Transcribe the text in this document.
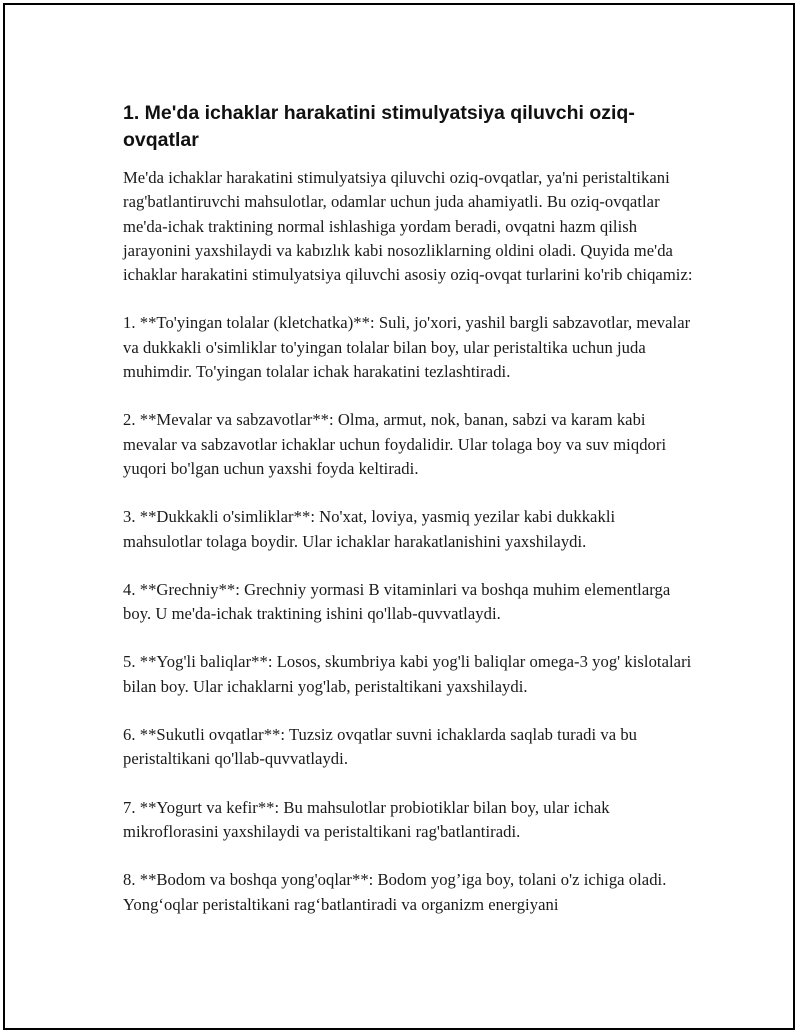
1. Me'da ichaklar harakatini stimulyatsiya qiluvchi oziq-ovqatlar

Me'da ichaklar harakatini stimulyatsiya qiluvchi oziq-ovqatlar, ya'ni peristaltikani rag'batlantiruvchi mahsulotlar, odamlar uchun juda ahamiyatli. Bu oziq-ovqatlar me'da-ichak traktining normal ishlashiga yordam beradi, ovqatni hazm qilish jarayonini yaxshilaydi va kabızlık kabi nosozliklarning oldini oladi. Quyida me'da ichaklar harakatini stimulyatsiya qiluvchi asosiy oziq-ovqat turlarini ko'rib chiqamiz:

1. **To'yingan tolalar (kletchatka)**: Suli, jo'xori, yashil bargli sabzavotlar, mevalar va dukkakli o'simliklar to'yingan tolalar bilan boy, ular peristaltika uchun juda muhimdir. To'yingan tolalar ichak harakatini tezlashtiradi.

2. **Mevalar va sabzavotlar**: Olma, armut, nok, banan, sabzi va karam kabi mevalar va sabzavotlar ichaklar uchun foydalidir. Ular tolaga boy va suv miqdori yuqori bo'lgan uchun yaxshi foyda keltiradi.

3. **Dukkakli o'simliklar**: No'xat, loviya, yasmiq yezilar kabi dukkakli mahsulotlar tolaga boydir. Ular ichaklar harakatlanishini yaxshilaydi.

4. **Grechniy**: Grechniy yormasi B vitaminlari va boshqa muhim elementlarga boy. U me'da-ichak traktining ishini qo'llab-quvvatlaydi.

5. **Yog'li baliqlar**: Losos, skumbriya kabi yog'li baliqlar omega-3 yog' kislotalari bilan boy. Ular ichaklarni yog'lab, peristaltikani yaxshilaydi.

6. **Sukutli ovqatlar**: Tuzsiz ovqatlar suvni ichaklarda saqlab turadi va bu peristaltikani qo'llab-quvvatlaydi.

7. **Yogurt va kefir**: Bu mahsulotlar probiotiklar bilan boy, ular ichak mikroflorasini yaxshilaydi va peristaltikani rag'batlantiradi.

8. **Bodom va boshqa yong'oqlar**: Bodom yog’iga boy, tolani o'z ichiga oladi. Yong‘oqlar peristaltikani rag‘batlantiradi va organizm energiyani
